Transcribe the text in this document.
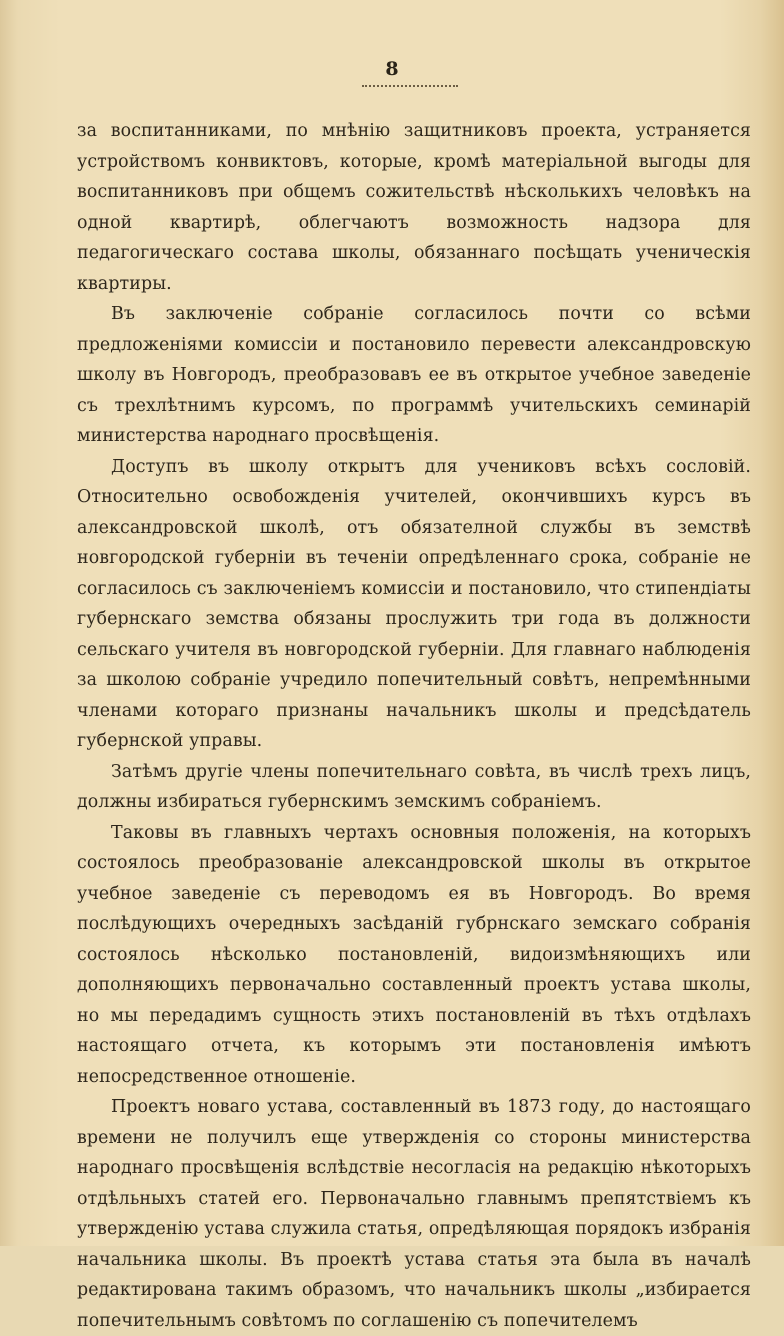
8

за воспитанниками, по мнѣнію защитниковъ проекта, устраняется устройствомъ конвиктовъ, которые, кромѣ матеріальной выгоды для воспитанниковъ при общемъ сожительствѣ нѣсколькихъ человѣкъ на одной квартирѣ, облегчаютъ возможность надзора для педагогическаго состава школы, обязаннаго посѣщать ученическія квартиры.

Въ заключеніе собраніе согласилось почти со всѣми предложеніями комиссіи и постановило перевести александровскую школу въ Новгородъ, преобразовавъ ее въ открытое учебное заведеніе съ трехлѣтнимъ курсомъ, по программѣ учительскихъ семинарій министерства народнаго просвѣщенія.

Доступъ въ школу открытъ для учениковъ всѣхъ сословій. Относительно освобожденія учителей, окончившихъ курсъ въ александровской школѣ, отъ обязателной службы въ земствѣ новгородской губерніи въ теченіи опредѣленнаго срока, собраніе не согласилось съ заключеніемъ комиссіи и постановило, что стипендіаты губернскаго земства обязаны прослужить три года въ должности сельскаго учителя въ новгородской губерніи. Для главнаго наблюденія за школою собраніе учредило попечительный совѣтъ, непремѣнными членами котораго признаны начальникъ школы и предсѣдатель губернской управы.

Затѣмъ другіе члены попечительнаго совѣта, въ числѣ трехъ лицъ, должны избираться губернскимъ земскимъ собраніемъ.

Таковы въ главныхъ чертахъ основныя положенія, на которыхъ состоялось преобразованіе александровской школы въ открытое учебное заведеніе съ переводомъ ея въ Новгородъ. Во время послѣдующихъ очередныхъ засѣданій губрнскаго земскаго собранія состоялось нѣсколько постановленій, видоизмѣняющихъ или дополняющихъ первоначально составленный проектъ устава школы, но мы передадимъ сущность этихъ постановленій въ тѣхъ отдѣлахъ настоящаго отчета, къ которымъ эти постановленія имѣютъ непосредственное отношеніе.

Проектъ новаго устава, составленный въ 1873 году, до настоящаго времени не получилъ еще утвержденія со стороны министерства народнаго просвѣщенія вслѣдствіе несогласія на редакцію нѣкоторыхъ отдѣльныхъ статей его. Первоначально главнымъ препятствіемъ къ утвержденію устава служила статья, опредѣляющая порядокъ избранія начальника школы. Въ проектѣ устава статья эта была въ началѣ редактирована такимъ образомъ, что начальникъ школы „избирается попечительнымъ совѣтомъ по соглашенію съ попечителемъ
